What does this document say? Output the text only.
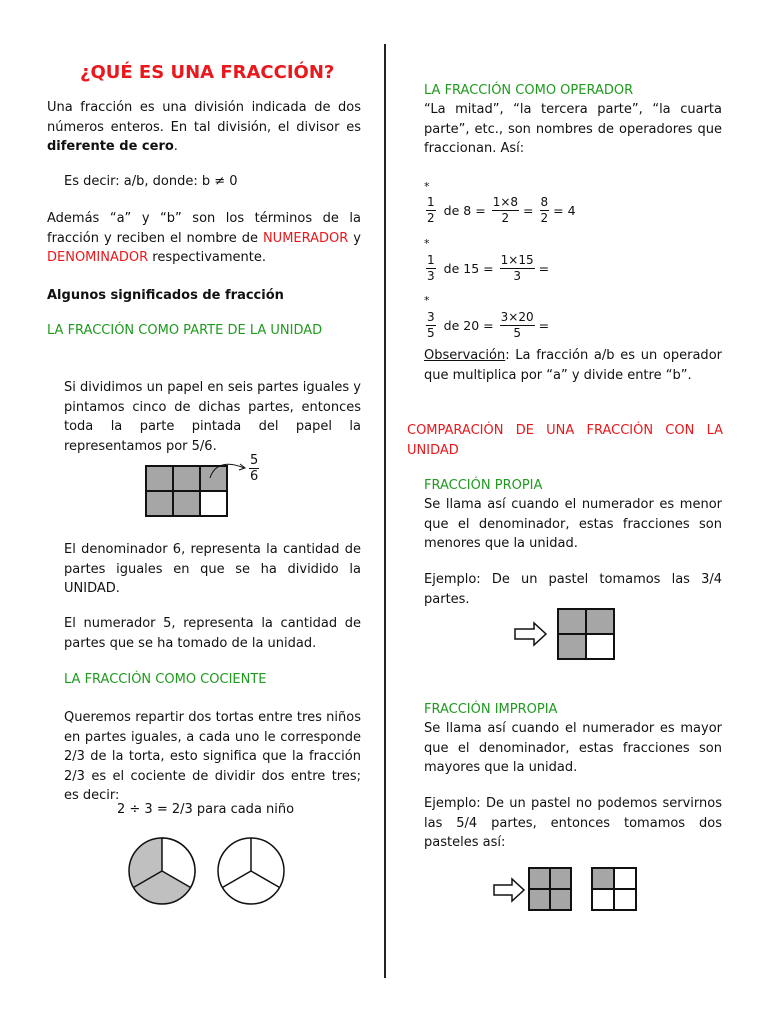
¿QUÉ ES UNA FRACCIÓN?

Una fracción es una división indicada de dos números enteros. En tal división, el divisor es diferente de cero.

Es decir: a/b, donde: b ≠ 0

Además “a” y “b” son los términos de la fracción y reciben el nombre de NUMERADOR y DENOMINADOR respectivamente.

Algunos significados de fracción
LA FRACCIÓN COMO PARTE DE LA UNIDAD

Si dividimos un papel en seis partes iguales y pintamos cinco de dichas partes, entonces toda la parte pintada del papel la representamos por 5/6.

$\frac{5}{6}$

El denominador 6, representa la cantidad de partes iguales en que se ha dividido la UNIDAD.

El numerador 5, representa la cantidad de partes que se ha tomado de la unidad.

LA FRACCIÓN COMO COCIENTE

Queremos repartir dos tortas entre tres niños en partes iguales, a cada uno le corresponde 2/3 de la torta, esto significa que la fracción 2/3 es el cociente de dividir dos entre tres; es decir:

2 ÷ 3 = 2/3 para cada niño
LA FRACCIÓN COMO OPERADOR

“La mitad”, “la tercera parte”, “la cuarta parte”, etc., son nombres de operadores que fraccionan. Así:

*
$\frac{1}{2}$ de $8 = \frac{1\times 8}{2} = \frac{8}{2} = 4$
*
$\frac{1}{3}$ de $15 = \frac{1\times 15}{3}$ =
*
$\frac{3}{5}$ de $20 = \frac{3\times 20}{5}$ =

Observación: La fracción a/b es un operador que multiplica por “a” y divide entre “b”.

COMPARACIÓN DE UNA FRACCIÓN CON LA UNIDAD
FRACCIÓN PROPIA

Se llama así cuando el numerador es menor que el denominador, estas fracciones son menores que la unidad.

Ejemplo: De un pastel tomamos las 3/4 partes.

FRACCIÓN IMPROPIA

Se llama así cuando el numerador es mayor que el denominador, estas fracciones son mayores que la unidad.

Ejemplo: De un pastel no podemos servirnos las 5/4 partes, entonces tomamos dos pasteles así:
